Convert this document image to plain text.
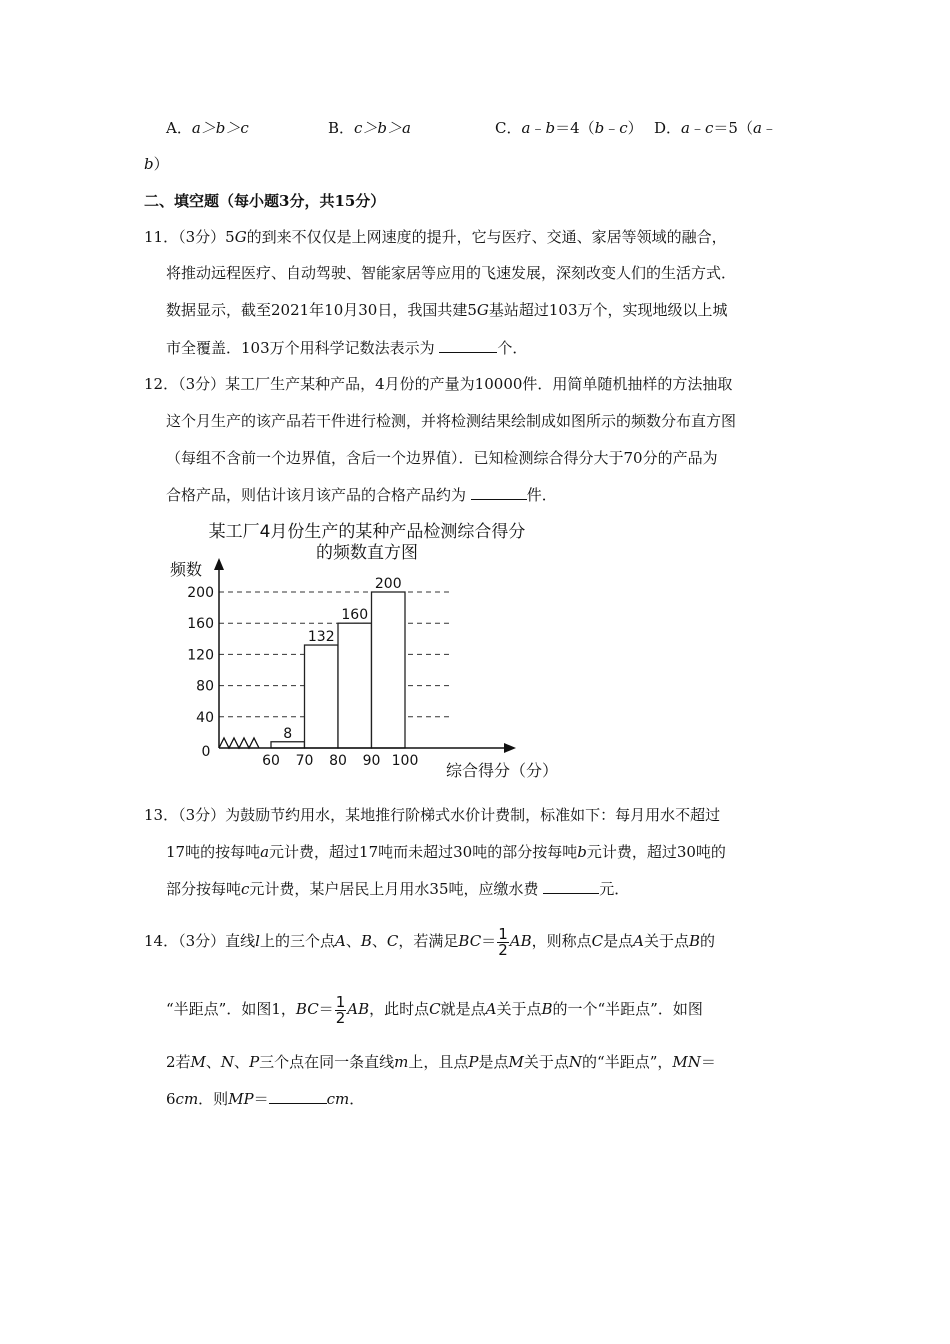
A．a＞b＞c	B．c＞b＞a	C．a﹣b＝4（b﹣c） D．a﹣c＝5（a﹣
b）
二、填空题（每小题3分，共15分）
11．（3分）5G的到来不仅仅是上网速度的提升，它与医疗、交通、家居等领域的融合，
将推动远程医疗、自动驾驶、智能家居等应用的飞速发展，深刻改变人们的生活方式．
数据显示，截至2021年10月30日，我国共建5G基站超过103万个，实现地级以上城
市全覆盖．103万个用科学记数法表示为	个．
12．（3分）某工厂生产某种产品，4月份的产量为10000件．用简单随机抽样的方法抽取
这个月生产的该产品若干件进行检测，并将检测结果绘制成如图所示的频数分布直方图
（每组不含前一个边界值，含后一个边界值）．已知检测综合得分大于70分的产品为
合格产品，则估计该月该产品的合格产品约为	件．
某工厂4月份生产的某种产品检测综合得分
的频数直方图
频数
综合得分（分）
0
8
132
160
200
200
160
120
80
40
60 70 80 90 100
13．（3分）为鼓励节约用水，某地推行阶梯式水价计费制，标准如下：每月用水不超过
17吨的按每吨a元计费，超过17吨而未超过30吨的部分按每吨b元计费，超过30吨的
部分按每吨c元计费，某户居民上月用水35吨，应缴水费	元．
14．（3分）直线l上的三个点A、B、C，若满足$BC= \frac{1}{2}$ AB，则称点C是点A关于点B的
“半距点”．如图1，$BC= \frac{1}{2}$ AB，此时点C就是点A关于点B的一个“半距点”．如图
2若M、N、P三个点在同一条直线m上，且点P是点M关于点N的“半距点”，MN＝
6cm．则MP＝	cm．
